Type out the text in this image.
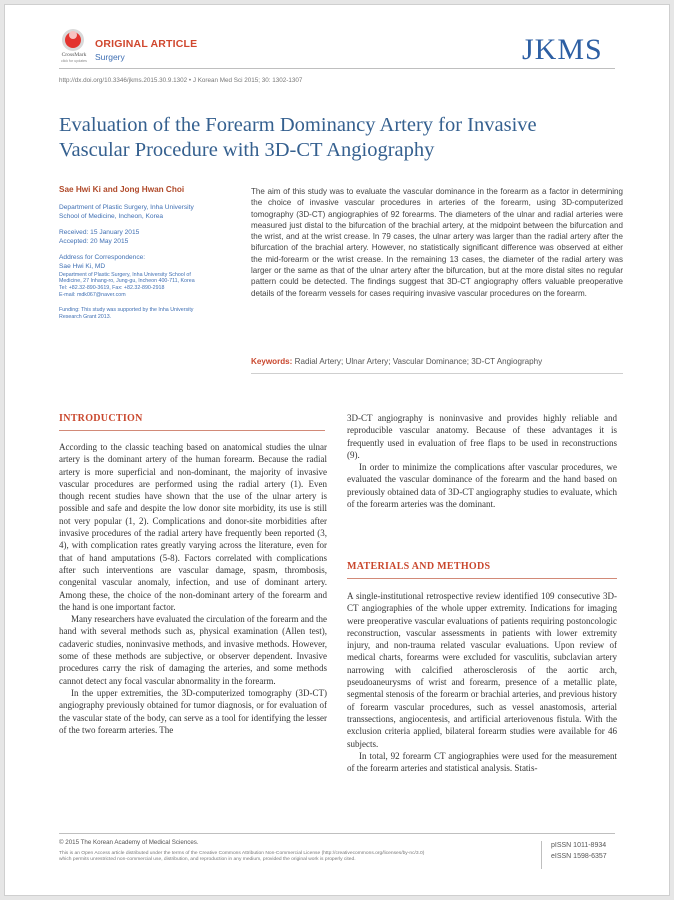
CrossMark
click for updates
ORIGINAL ARTICLE
Surgery	JKMS
http://dx.doi.org/10.3346/jkms.2015.30.9.1302 • J Korean Med Sci 2015; 30: 1302-1307
Evaluation of the Forearm Dominancy Artery for Invasive
Vascular Procedure with 3D-CT Angiography
Sae Hwi Ki and Jong Hwan Choi
Department of Plastic Surgery, Inha University
School of Medicine, Incheon, Korea
Received: 15 January 2015
Accepted: 20 May 2015
Address for Correspondence:
Sae Hwi Ki, MD
Department of Plastic Surgery, Inha University School of
Medicine, 27 Inhang-ro, Jung-gu, Incheon 400-711, Korea
Tel: +82.32-890-3619, Fax: +82.32-890-2918
E-mail: mdk067@naver.com
Funding: This study was supported by the Inha University
Research Grant 2013.
The aim of this study was to evaluate the vascular dominance in the forearm as a factor in determining the choice of invasive vascular procedures in arteries of the forearm, using 3D-computerized tomography (3D-CT) angiographies of 92 forearms. The diameters of the ulnar and radial arteries were measured just distal to the bifurcation of the brachial artery, at the midpoint between the bifurcation and the wrist, and at the wrist crease. In 79 cases, the ulnar artery was larger than the radial artery after the bifurcation of the brachial artery. However, no statistically significant difference was observed at either the mid-forearm or the wrist crease. In the remaining 13 cases, the diameter of the radial artery was larger or the same as that of the ulnar artery after the bifurcation, but at the more distal sites no regular pattern could be detected. The findings suggest that 3D-CT angiography offers valuable preoperative details of the forearm vessels for cases requiring invasive vascular procedures on the forearm.
Keywords: Radial Artery; Ulnar Artery; Vascular Dominance; 3D-CT Angiography
INTRODUCTION

According to the classic teaching based on anatomical studies the ulnar artery is the dominant artery of the human forearm. Because the radial artery is more superficial and non-dominant, the majority of invasive vascular procedures are performed using the radial artery (1). Even though recent studies have shown that the use of the ulnar artery is possible and safe and despite the low donor site morbidity, its use is still not very popular (1, 2). Complications and donor-site morbidities after invasive procedures of the radial artery have frequently been reported (3, 4), with complication rates greatly varying across the literature, even for that of hand amputations (5-8). Factors correlated with complications after such interventions are vascular damage, spasm, thrombosis, congenital vascular anomaly, infection, and use of dominant artery. Among these, the choice of the non-dominant artery of the forearm and the hand is one important factor.

Many researchers have evaluated the circulation of the forearm and the hand with several methods such as, physical examination (Allen test), cadaveric studies, noninvasive methods, and invasive methods. However, some of these methods are subjective, or observer dependent. Invasive procedures carry the risk of damaging the arteries, and some methods cannot detect any focal vascular abnormality in the forearm.

In the upper extremities, the 3D-computerized tomography (3D-CT) angiography previously obtained for tumor diagnosis, or for evaluation of the vascular state of the body, can serve as a tool for identifying the lesser of the two forearm arteries. The

3D-CT angiography is noninvasive and provides highly reliable and reproducible vascular anatomy. Because of these advantages it is frequently used in evaluation of free flaps to be used in reconstructions (9).

In order to minimize the complications after vascular procedures, we evaluated the vascular dominance of the forearm and the hand based on previously obtained data of 3D-CT angiography studies to evaluate, which of the forearm arteries was the dominant.

MATERIALS AND METHODS

A single-institutional retrospective review identified 109 consecutive 3D-CT angiographies of the whole upper extremity. Indications for imaging were preoperative vascular evaluations of patients requiring postoncologic reconstruction, vascular assessments in patients with lower extremity injury, and non-trauma related vascular evaluations. Upon review of medical charts, forearms were excluded for vasculitis, subclavian artery narrowing with calcified atherosclerosis of the aortic arch, pseudoaneurysms of wrist and forearm, presence of a metallic plate, segmental stenosis of the forearm or brachial arteries, and previous history of forearm vascular procedures, such as vessel anastomosis, arterial transsections, angiocentesis, and artificial arteriovenous fistula. With the exclusion criteria applied, bilateral forearm studies were available for 46 subjects.

In total, 92 forearm CT angiographies were used for the measurement of the forearm arteries and statistical analysis. Statis-

© 2015 The Korean Academy of Medical Sciences.
This is an Open Access article distributed under the terms of the Creative Commons Attribution Non-Commercial License (http://creativecommons.org/licenses/by-nc/3.0)
which permits unrestricted non-commercial use, distribution, and reproduction in any medium, provided the original work is properly cited.
pISSN 1011-8934
eISSN 1598-6357
